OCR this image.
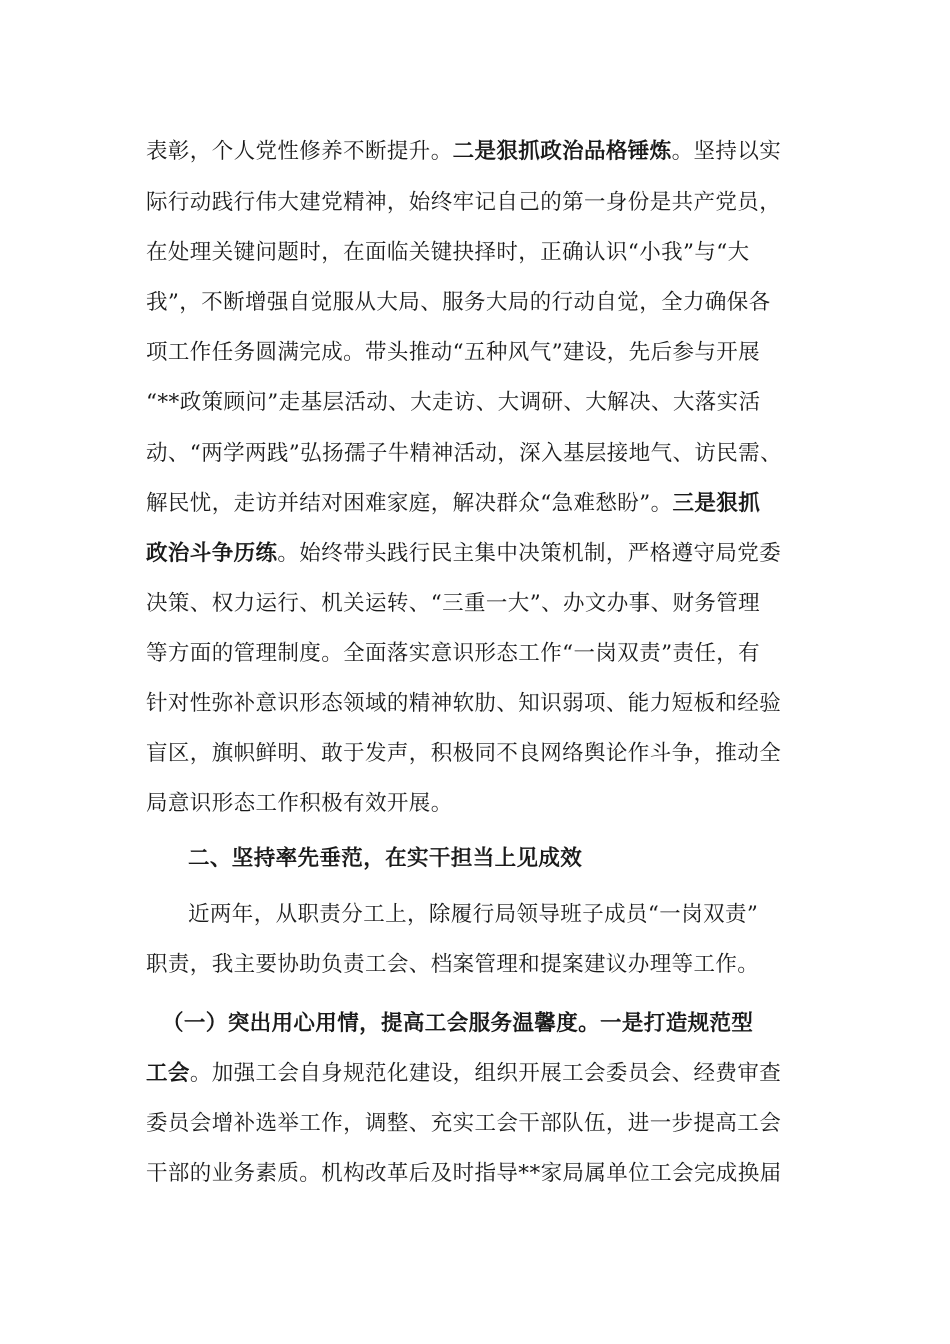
表彰，个人党性修养不断提升。二是狠抓政治品格锤炼。坚持以实
际行动践行伟大建党精神，始终牢记自己的第一身份是共产党员，
在处理关键问题时，在面临关键抉择时，正确认识“小我”与“大
我”，不断增强自觉服从大局、服务大局的行动自觉，全力确保各
项工作任务圆满完成。带头推动“五种风气”建设，先后参与开展
“**政策顾问”走基层活动、大走访、大调研、大解决、大落实活
动、“两学两践”弘扬孺子牛精神活动，深入基层接地气、访民需、
解民忧，走访并结对困难家庭，解决群众“急难愁盼”。三是狠抓
政治斗争历练。始终带头践行民主集中决策机制，严格遵守局党委
决策、权力运行、机关运转、“三重一大”、办文办事、财务管理
等方面的管理制度。全面落实意识形态工作“一岗双责”责任，有
针对性弥补意识形态领域的精神软肋、知识弱项、能力短板和经验
盲区，旗帜鲜明、敢于发声，积极同不良网络舆论作斗争，推动全
局意识形态工作积极有效开展。
二、坚持率先垂范，在实干担当上见成效
近两年，从职责分工上，除履行局领导班子成员“一岗双责”
职责，我主要协助负责工会、档案管理和提案建议办理等工作。
（一）突出用心用情，提高工会服务温馨度。一是打造规范型
工会。加强工会自身规范化建设，组织开展工会委员会、经费审查
委员会增补选举工作，调整、充实工会干部队伍，进一步提高工会
干部的业务素质。机构改革后及时指导**家局属单位工会完成换届
